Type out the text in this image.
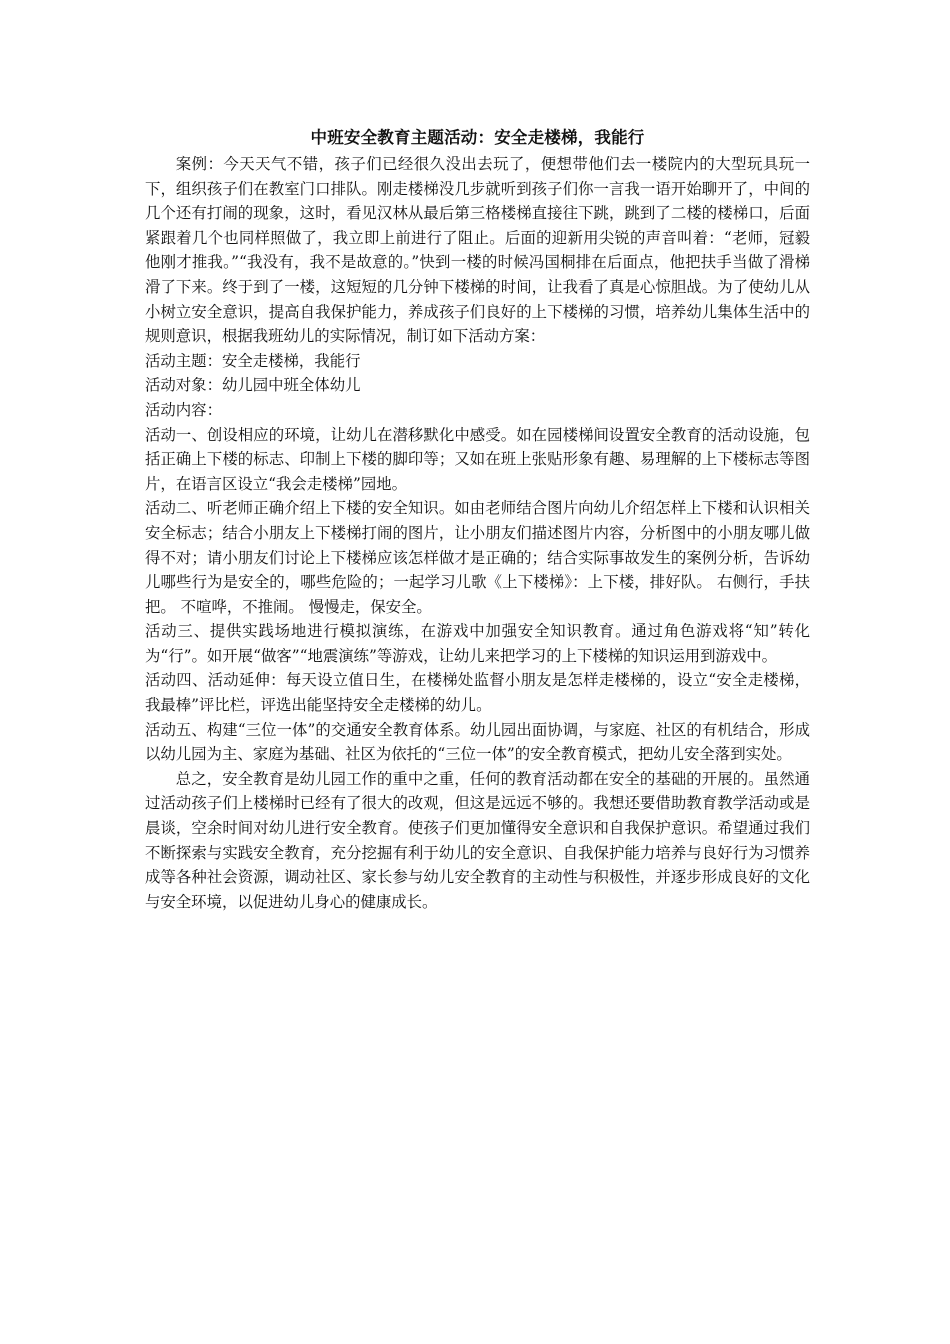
中班安全教育主题活动：安全走楼梯，我能行

案例：今天天气不错，孩子们已经很久没出去玩了，便想带他们去一楼院内的大型玩具玩一下，组织孩子们在教室门口排队。刚走楼梯没几步就听到孩子们你一言我一语开始聊开了，中间的几个还有打闹的现象，这时，看见汉林从最后第三格楼梯直接往下跳，跳到了二楼的楼梯口，后面紧跟着几个也同样照做了，我立即上前进行了阻止。后面的迎新用尖锐的声音叫着：“老师，冠毅他刚才推我。”“我没有，我不是故意的。”快到一楼的时候冯国桐排在后面点，他把扶手当做了滑梯滑了下来。终于到了一楼，这短短的几分钟下楼梯的时间，让我看了真是心惊胆战。为了使幼儿从小树立安全意识，提高自我保护能力，养成孩子们良好的上下楼梯的习惯，培养幼儿集体生活中的规则意识，根据我班幼儿的实际情况，制订如下活动方案：

活动主题：安全走楼梯，我能行

活动对象：幼儿园中班全体幼儿

活动内容：

活动一、创设相应的环境，让幼儿在潜移默化中感受。如在园楼梯间设置安全教育的活动设施，包括正确上下楼的标志、印制上下楼的脚印等；又如在班上张贴形象有趣、易理解的上下楼标志等图片，在语言区设立“我会走楼梯”园地。

活动二、听老师正确介绍上下楼的安全知识。如由老师结合图片向幼儿介绍怎样上下楼和认识相关安全标志；结合小朋友上下楼梯打闹的图片，让小朋友们描述图片内容，分析图中的小朋友哪儿做得不对；请小朋友们讨论上下楼梯应该怎样做才是正确的；结合实际事故发生的案例分析，告诉幼儿哪些行为是安全的，哪些危险的；一起学习儿歌《上下楼梯》：上下楼，排好队。 右侧行，手扶把。 不喧哗，不推闹。 慢慢走，保安全。

活动三、提供实践场地进行模拟演练，在游戏中加强安全知识教育。通过角色游戏将“知”转化为“行”。如开展“做客”“地震演练”等游戏，让幼儿来把学习的上下楼梯的知识运用到游戏中。

活动四、活动延伸：每天设立值日生，在楼梯处监督小朋友是怎样走楼梯的，设立“安全走楼梯，我最棒”评比栏，评选出能坚持安全走楼梯的幼儿。

活动五、构建“三位一体”的交通安全教育体系。幼儿园出面协调，与家庭、社区的有机结合，形成以幼儿园为主、家庭为基础、社区为依托的“三位一体”的安全教育模式，把幼儿安全落到实处。

总之，安全教育是幼儿园工作的重中之重，任何的教育活动都在安全的基础的开展的。虽然通过活动孩子们上楼梯时已经有了很大的改观，但这是远远不够的。我想还要借助教育教学活动或是晨谈，空余时间对幼儿进行安全教育。使孩子们更加懂得安全意识和自我保护意识。希望通过我们不断探索与实践安全教育，充分挖掘有利于幼儿的安全意识、自我保护能力培养与良好行为习惯养成等各种社会资源，调动社区、家长参与幼儿安全教育的主动性与积极性，并逐步形成良好的文化与安全环境，以促进幼儿身心的健康成长。
